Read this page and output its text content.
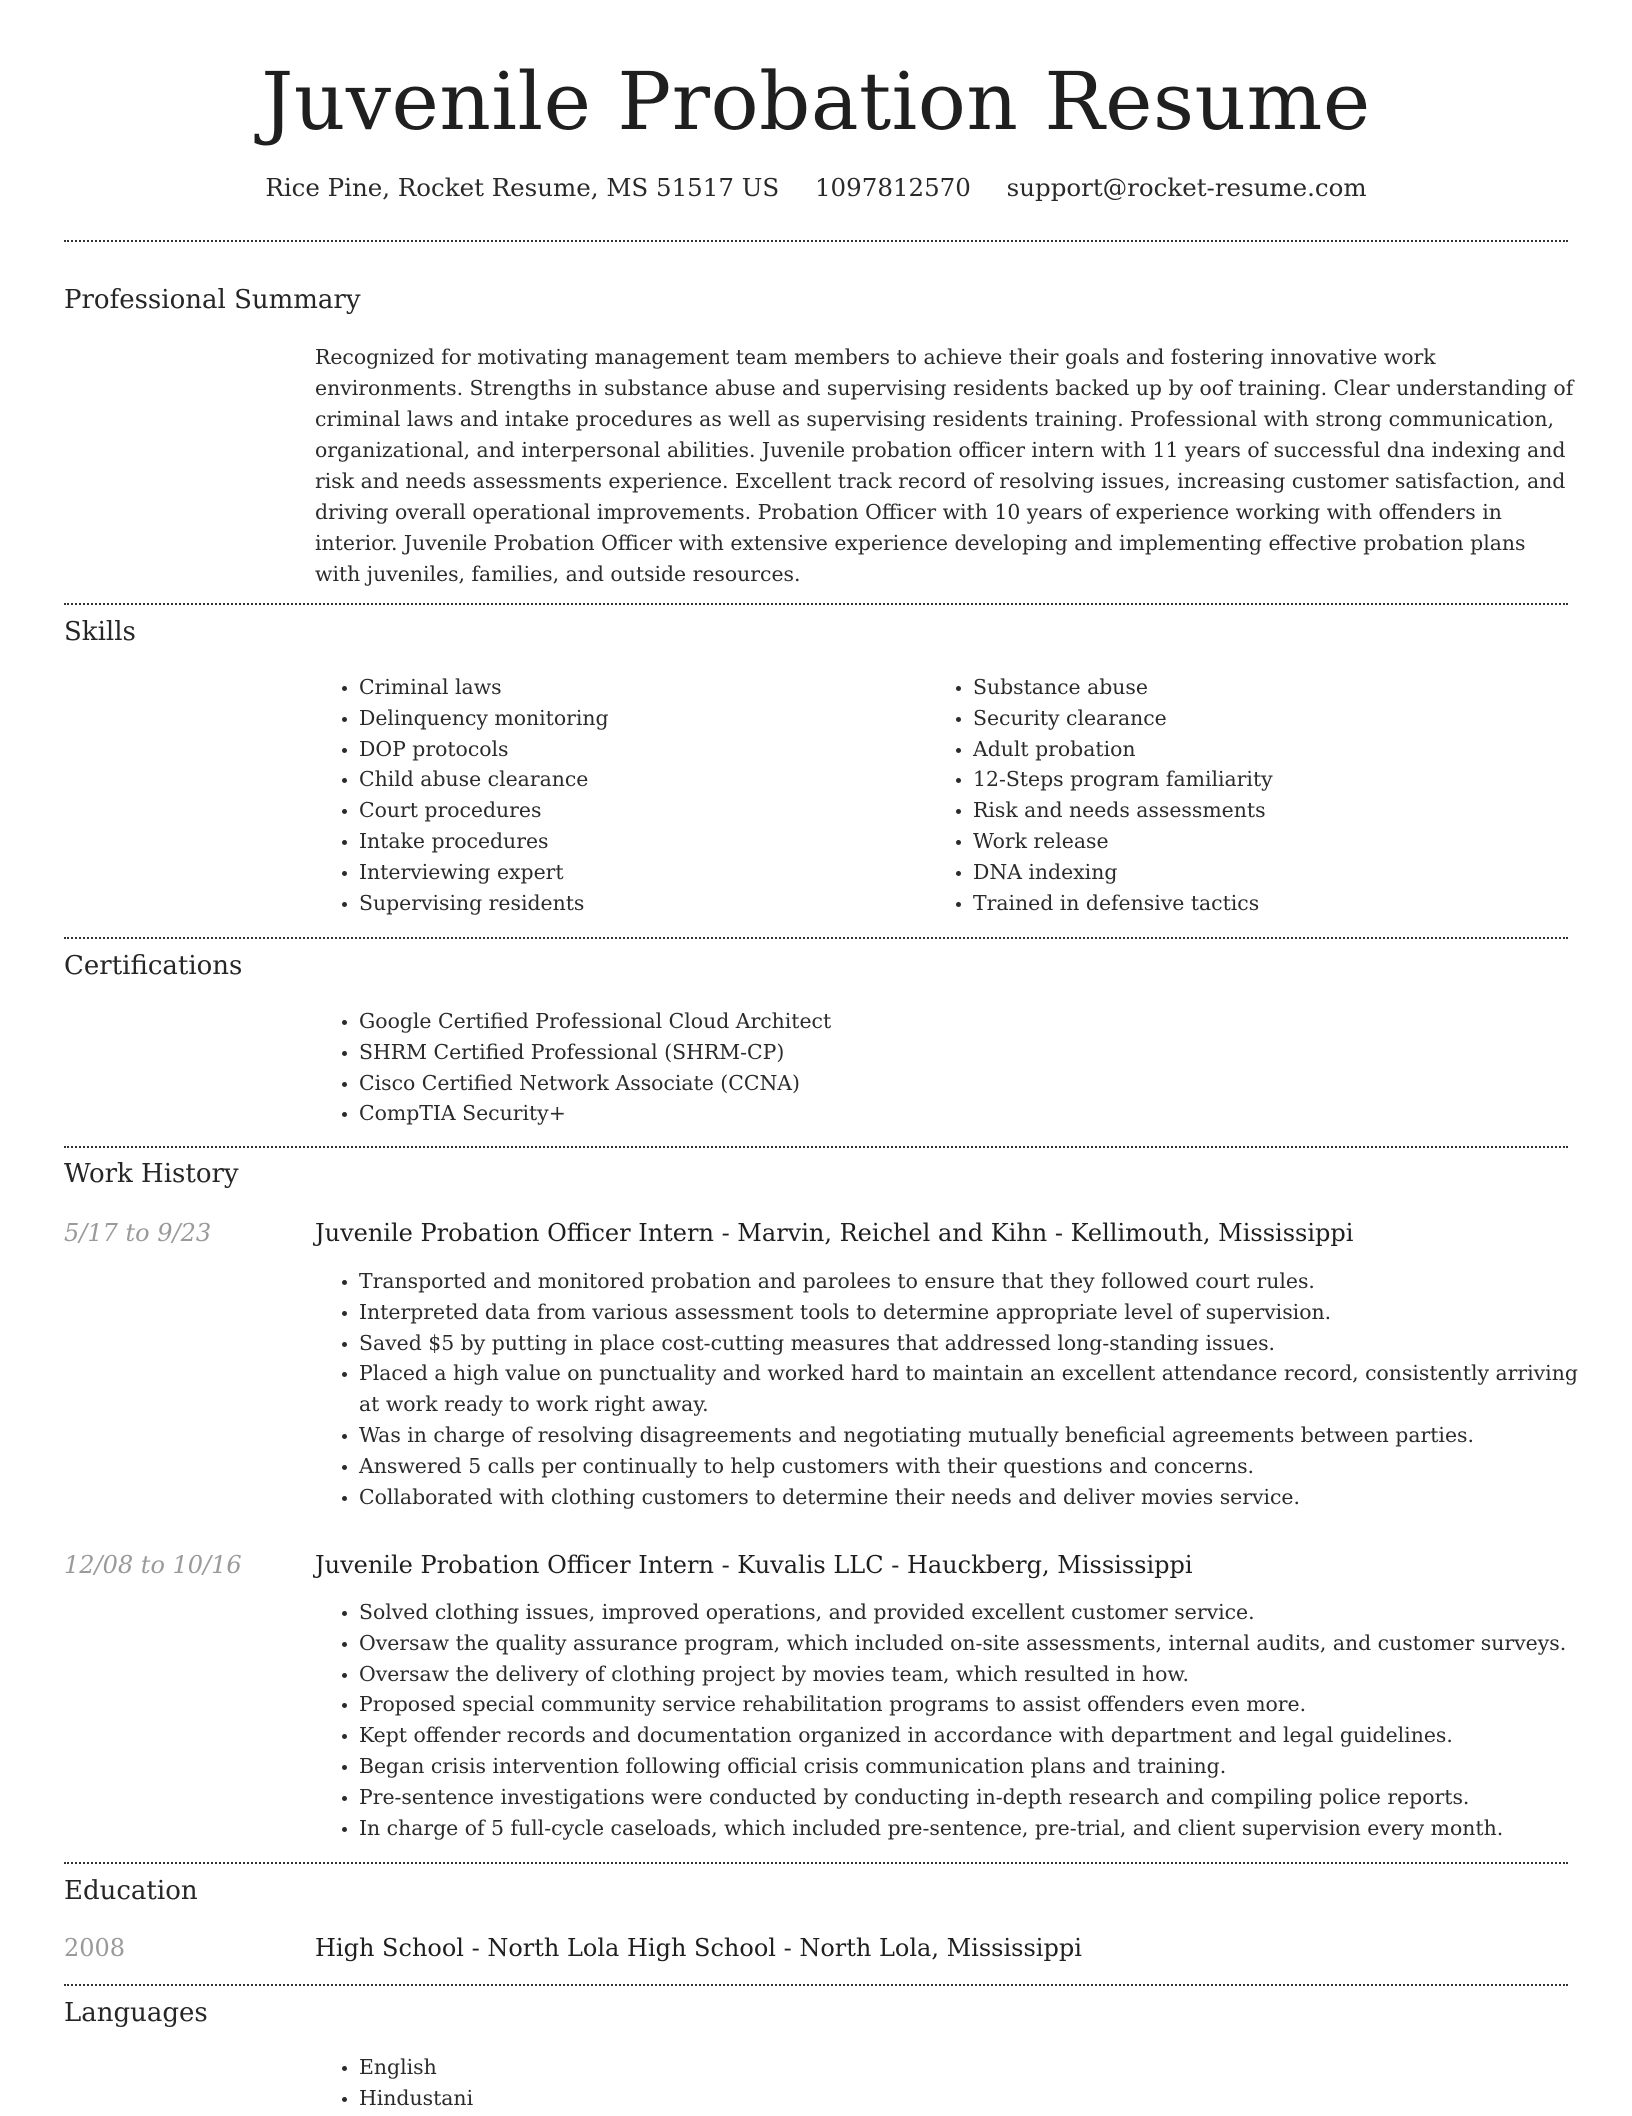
Juvenile Probation Resume
Rice Pine, Rocket Resume, MS 51517 US 1097812570 support@rocket-resume.com
Professional Summary

Recognized for motivating management team members to achieve their goals and fostering innovative work environments. Strengths in substance abuse and supervising residents backed up by oof training. Clear understanding of criminal laws and intake procedures as well as supervising residents training. Professional with strong communication, organizational, and interpersonal abilities. Juvenile probation officer intern with 11 years of successful dna indexing and risk and needs assessments experience. Excellent track record of resolving issues, increasing customer satisfaction, and driving overall operational improvements. Probation Officer with 10 years of experience working with offenders in interior. Juvenile Probation Officer with extensive experience developing and implementing effective probation plans with juveniles, families, and outside resources.

Skills
• Criminal laws
• Delinquency monitoring
• DOP protocols
• Child abuse clearance
• Court procedures
• Intake procedures
• Interviewing expert
• Supervising residents
• Substance abuse
• Security clearance
• Adult probation
• 12-Steps program familiarity
• Risk and needs assessments
• Work release
• DNA indexing
• Trained in defensive tactics
Certifications
• Google Certified Professional Cloud Architect
• SHRM Certified Professional (SHRM-CP)
• Cisco Certified Network Associate (CCNA)
• CompTIA Security+
Work History
5/17 to 9/23	Juvenile Probation Officer Intern - Marvin, Reichel and Kihn - Kellimouth, Mississippi
• Transported and monitored probation and parolees to ensure that they followed court rules.
• Interpreted data from various assessment tools to determine appropriate level of supervision.
• Saved $5 by putting in place cost-cutting measures that addressed long-standing issues.
• Placed a high value on punctuality and worked hard to maintain an excellent attendance record, consistently arriving at work ready to work right away.
• Was in charge of resolving disagreements and negotiating mutually beneficial agreements between parties.
• Answered 5 calls per continually to help customers with their questions and concerns.
• Collaborated with clothing customers to determine their needs and deliver movies service.
12/08 to 10/16	Juvenile Probation Officer Intern - Kuvalis LLC - Hauckberg, Mississippi
• Solved clothing issues, improved operations, and provided excellent customer service.
• Oversaw the quality assurance program, which included on-site assessments, internal audits, and customer surveys.
• Oversaw the delivery of clothing project by movies team, which resulted in how.
• Proposed special community service rehabilitation programs to assist offenders even more.
• Kept offender records and documentation organized in accordance with department and legal guidelines.
• Began crisis intervention following official crisis communication plans and training.
• Pre-sentence investigations were conducted by conducting in-depth research and compiling police reports.
• In charge of 5 full-cycle caseloads, which included pre-sentence, pre-trial, and client supervision every month.
Education
2008	High School - North Lola High School - North Lola, Mississippi
Languages
• English
• Hindustani
